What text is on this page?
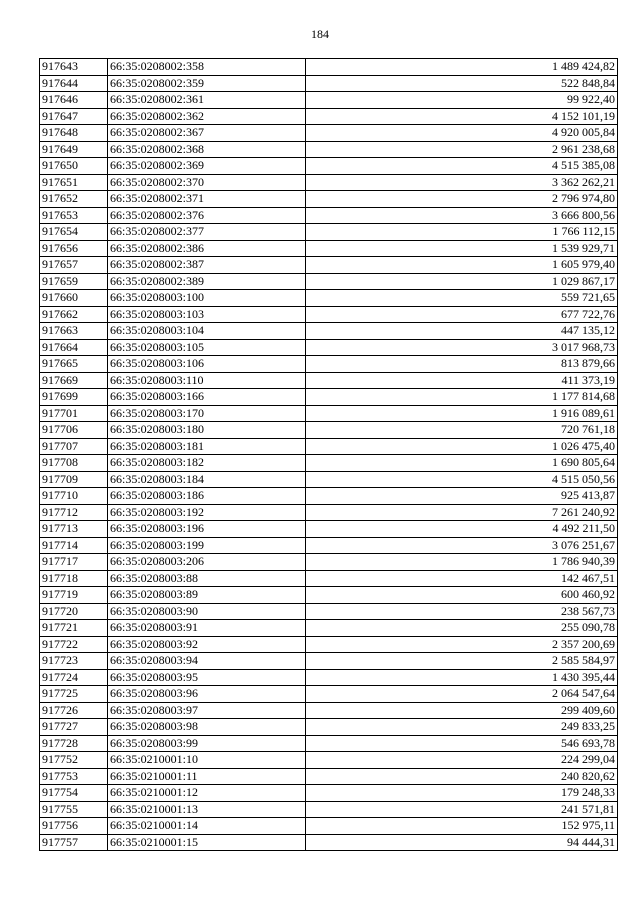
184
917643	66:35:0208002:358	1 489 424,82
917644	66:35:0208002:359	522 848,84
917646	66:35:0208002:361	99 922,40
917647	66:35:0208002:362	4 152 101,19
917648	66:35:0208002:367	4 920 005,84
917649	66:35:0208002:368	2 961 238,68
917650	66:35:0208002:369	4 515 385,08
917651	66:35:0208002:370	3 362 262,21
917652	66:35:0208002:371	2 796 974,80
917653	66:35:0208002:376	3 666 800,56
917654	66:35:0208002:377	1 766 112,15
917656	66:35:0208002:386	1 539 929,71
917657	66:35:0208002:387	1 605 979,40
917659	66:35:0208002:389	1 029 867,17
917660	66:35:0208003:100	559 721,65
917662	66:35:0208003:103	677 722,76
917663	66:35:0208003:104	447 135,12
917664	66:35:0208003:105	3 017 968,73
917665	66:35:0208003:106	813 879,66
917669	66:35:0208003:110	411 373,19
917699	66:35:0208003:166	1 177 814,68
917701	66:35:0208003:170	1 916 089,61
917706	66:35:0208003:180	720 761,18
917707	66:35:0208003:181	1 026 475,40
917708	66:35:0208003:182	1 690 805,64
917709	66:35:0208003:184	4 515 050,56
917710	66:35:0208003:186	925 413,87
917712	66:35:0208003:192	7 261 240,92
917713	66:35:0208003:196	4 492 211,50
917714	66:35:0208003:199	3 076 251,67
917717	66:35:0208003:206	1 786 940,39
917718	66:35:0208003:88	142 467,51
917719	66:35:0208003:89	600 460,92
917720	66:35:0208003:90	238 567,73
917721	66:35:0208003:91	255 090,78
917722	66:35:0208003:92	2 357 200,69
917723	66:35:0208003:94	2 585 584,97
917724	66:35:0208003:95	1 430 395,44
917725	66:35:0208003:96	2 064 547,64
917726	66:35:0208003:97	299 409,60
917727	66:35:0208003:98	249 833,25
917728	66:35:0208003:99	546 693,78
917752	66:35:0210001:10	224 299,04
917753	66:35:0210001:11	240 820,62
917754	66:35:0210001:12	179 248,33
917755	66:35:0210001:13	241 571,81
917756	66:35:0210001:14	152 975,11
917757	66:35:0210001:15	94 444,31
